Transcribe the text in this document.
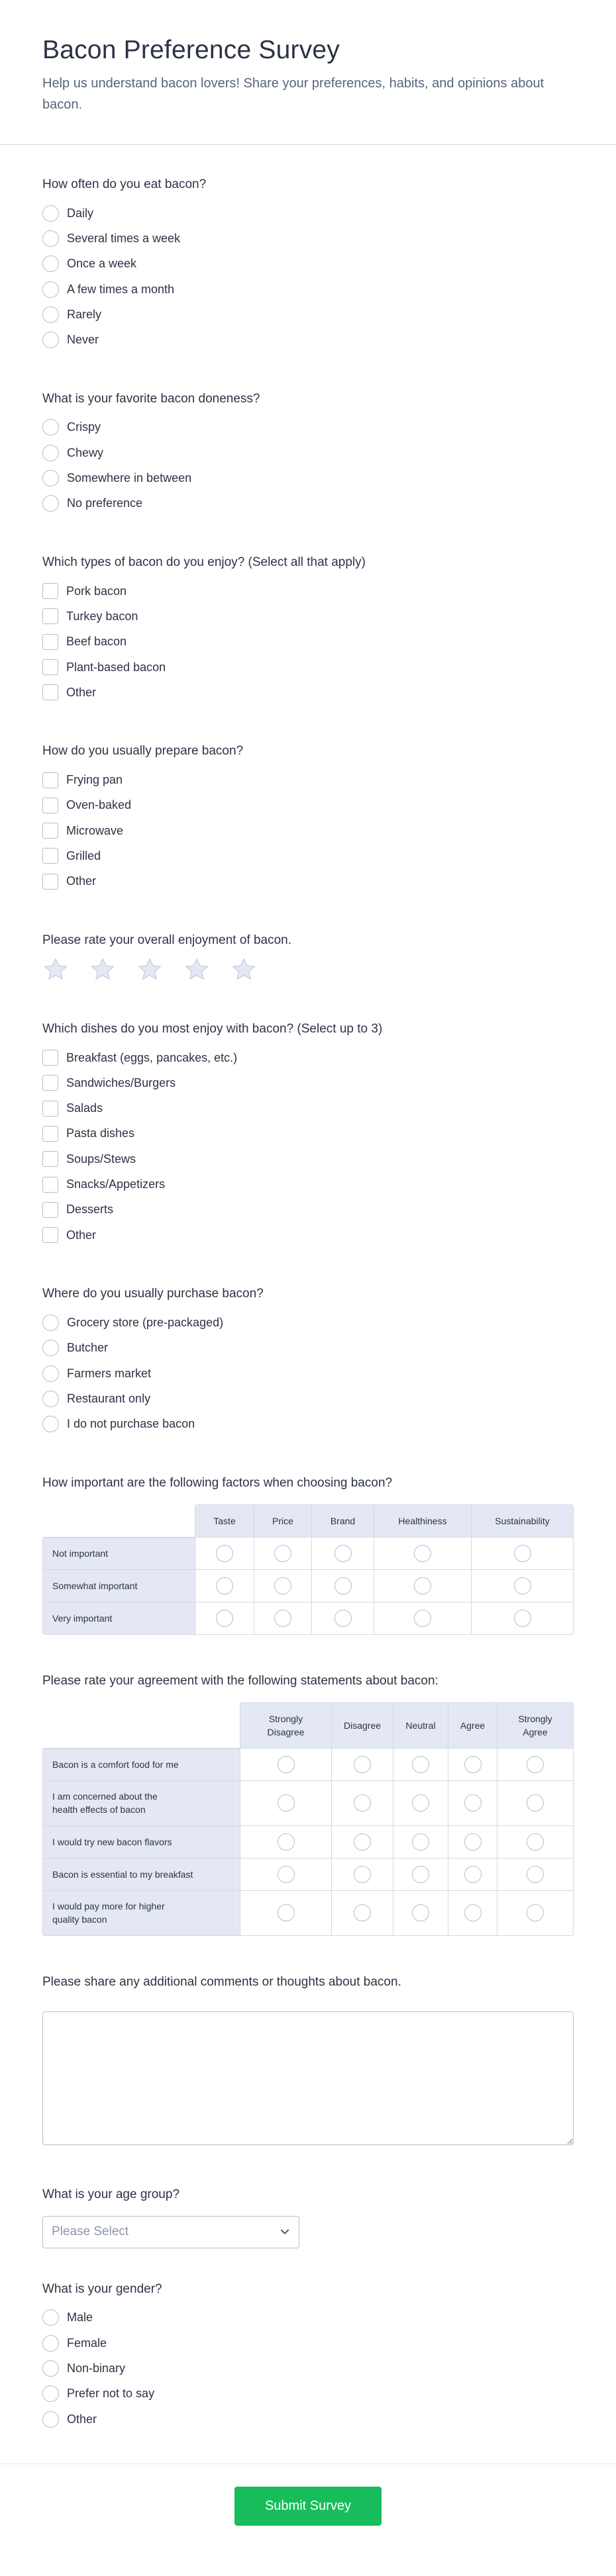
Bacon Preference Survey

Help us understand bacon lovers! Share your preferences, habits, and opinions about bacon.

How often do you eat bacon?
Daily
Several times a week
Once a week
A few times a month
Rarely
Never
What is your favorite bacon doneness?
Crispy
Chewy
Somewhere in between
No preference
Which types of bacon do you enjoy? (Select all that apply)
Pork bacon
Turkey bacon
Beef bacon
Plant-based bacon
Other
How do you usually prepare bacon?
Frying pan
Oven-baked
Microwave
Grilled
Other
Please rate your overall enjoyment of bacon.
Which dishes do you most enjoy with bacon? (Select up to 3)
Breakfast (eggs, pancakes, etc.)
Sandwiches/Burgers
Salads
Pasta dishes
Soups/Stews
Snacks/Appetizers
Desserts
Other
Where do you usually purchase bacon?
Grocery store (pre-packaged)
Butcher
Farmers market
Restaurant only
I do not purchase bacon
How important are the following factors when choosing bacon?
	Taste	Price	Brand	Healthiness	Sustainability
Not important	

Somewhat important	

Very important	

Please rate your agreement with the following statements about bacon:
	Strongly Disagree	Disagree	Neutral	Agree	Strongly Agree
Bacon is a comfort food for me	

I am concerned about the health effects of bacon	

I would try new bacon flavors	

Bacon is essential to my breakfast	

I would pay more for higher quality bacon	

Please share any additional comments or thoughts about bacon.
What is your age group?
Please Select
What is your gender?
Male
Female
Non-binary
Prefer not to say
Other
Submit Survey
